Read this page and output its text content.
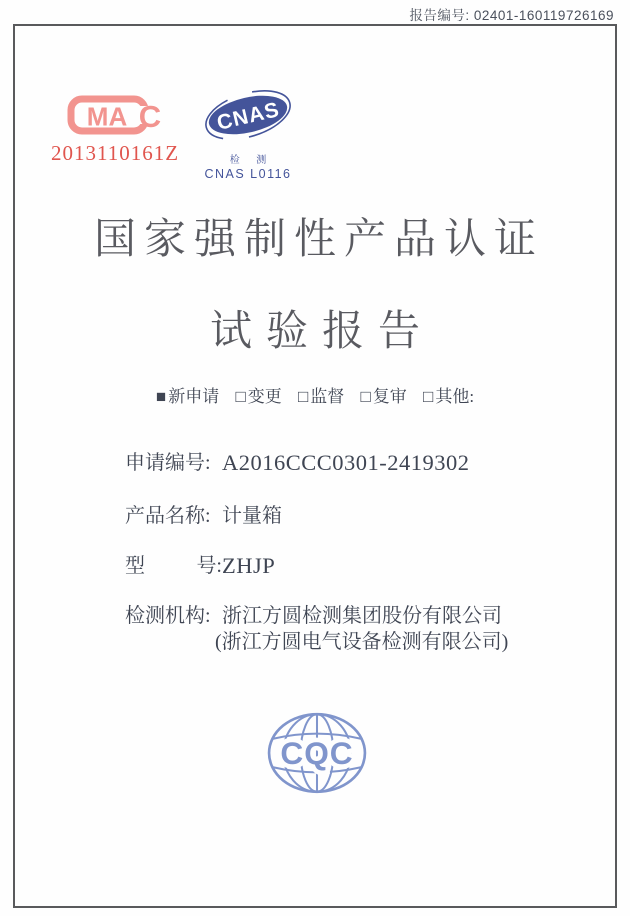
报告编号: 02401-160119726169
MA C
2013110161Z
CNAS
检 测
CNAS L0116
国家强制性产品认证
试验报告
■ 新申请 □ 变更 □ 监督 □ 复审 □ 其他:
申请编号: A2016CCC0301-2419302
产品名称: 计量箱
型	号: ZHJP
检测机构: 浙江方圆检测集团股份有限公司
(浙江方圆电气设备检测有限公司)
CQC
